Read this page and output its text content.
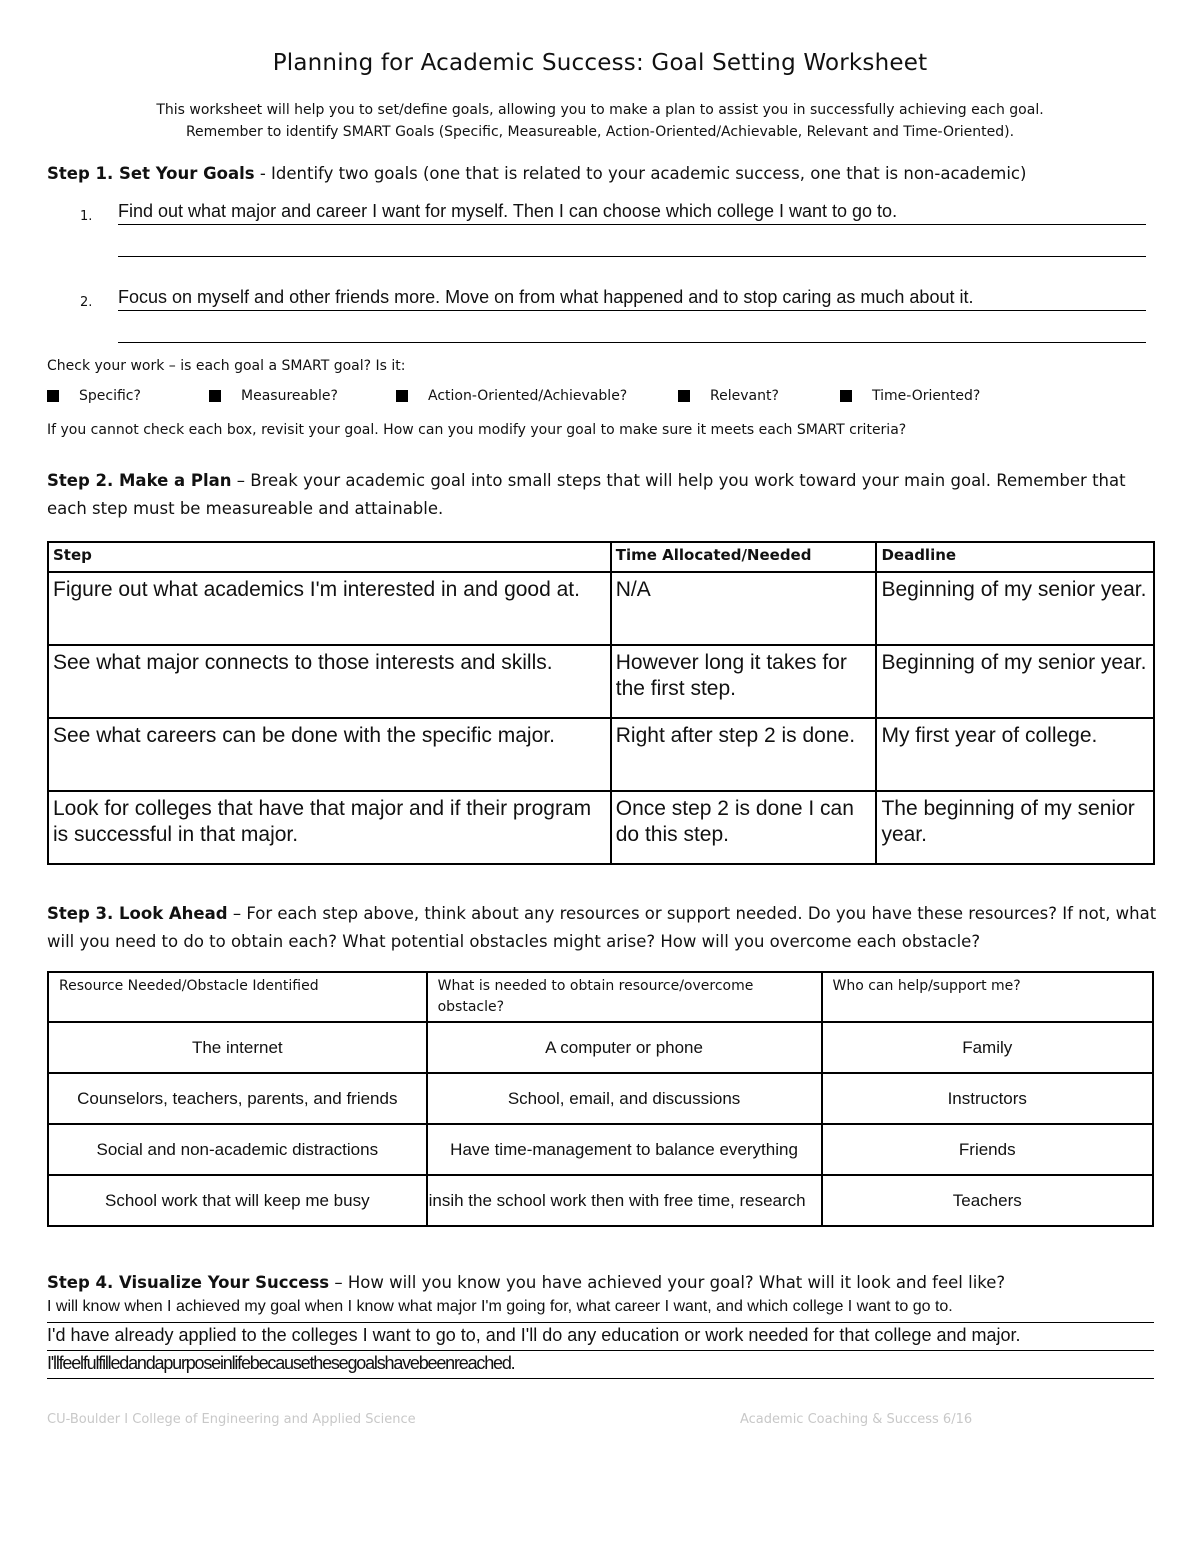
Planning for Academic Success: Goal Setting Worksheet
This worksheet will help you to set/define goals, allowing you to make a plan to assist you in successfully achieving each goal.
Remember to identify SMART Goals (Specific, Measureable, Action-Oriented/Achievable, Relevant and Time-Oriented).
Step 1. Set Your Goals - Identify two goals (one that is related to your academic success, one that is non-academic)
1. Find out what major and career I want for myself. Then I can choose which college I want to go to.
2. Focus on myself and other friends more. Move on from what happened and to stop caring as much about it.
Check your work – is each goal a SMART goal? Is it:
Specific?	Measureable?	Action-Oriented/Achievable?	Relevant?	Time-Oriented?
If you cannot check each box, revisit your goal. How can you modify your goal to make sure it meets each SMART criteria?
Step 2. Make a Plan – Break your academic goal into small steps that will help you work toward your main goal. Remember that each step must be measureable and attainable.
Step	Time Allocated/Needed	Deadline
Figure out what academics I'm interested in and good at.	N/A	Beginning of my senior year.
See what major connects to those interests and skills.	However long it takes for the first step.	Beginning of my senior year.
See what careers can be done with the specific major.	Right after step 2 is done.	My first year of college.
Look for colleges that have that major and if their program is successful in that major.	Once step 2 is done I can do this step.	The beginning of my senior year.
Step 3. Look Ahead – For each step above, think about any resources or support needed. Do you have these resources? If not, what will you need to do to obtain each? What potential obstacles might arise? How will you overcome each obstacle?
Resource Needed/Obstacle Identified	What is needed to obtain resource/overcome obstacle?	Who can help/support me?
The internet	A computer or phone	Family
Counselors, teachers, parents, and friends	School, email, and discussions	Instructors
Social and non-academic distractions	Have time-management to balance everything	Friends
School work that will keep me busy	insih the school work then with free time, research	Teachers
Step 4. Visualize Your Success – How will you know you have achieved your goal? What will it look and feel like?
I will know when I achieved my goal when I know what major I'm going for, what career I want, and which college I want to go to.
I'd have already applied to the colleges I want to go to, and I'll do any education or work needed for that college and major.
I'llfeelfulfilledandapurposeinlifebecausethesegoalshavebeenreached.
CU-Boulder I College of Engineering and Applied Science	Academic Coaching & Success 6/16
